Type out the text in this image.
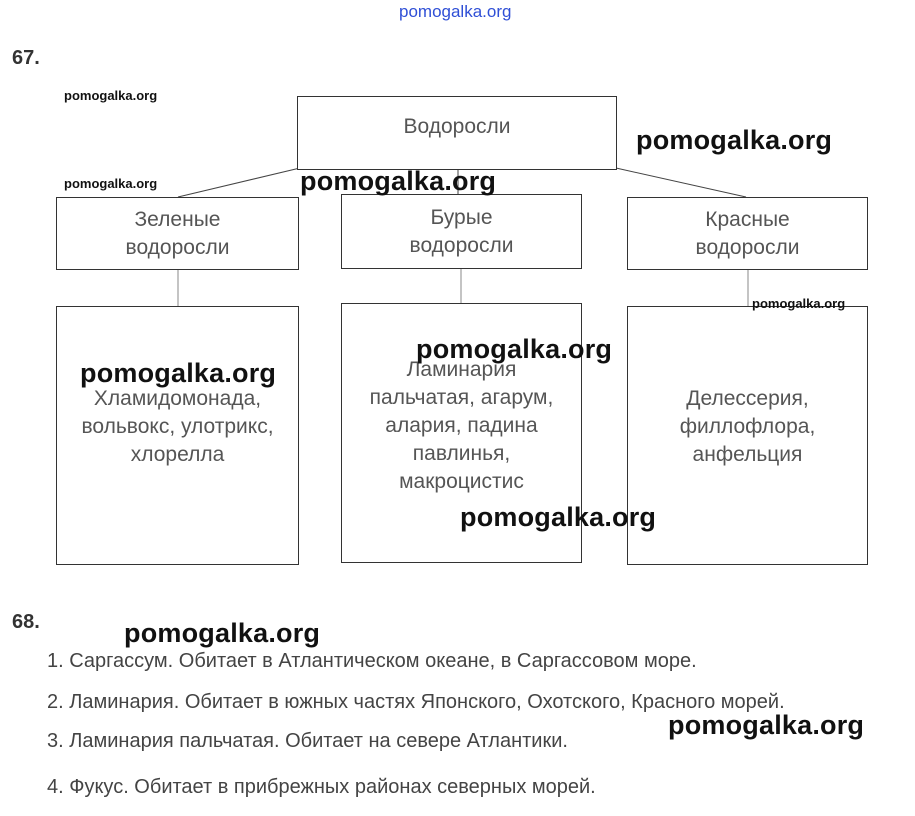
pomogalka.org
67.
Водоросли
Зеленые
водоросли
Бурые
водоросли
Красные
водоросли
Хламидомонада,
вольвокс, улотрикс,
хлорелла
Ламинария
пальчатая, агарум,
алария, падина
павлинья,
макроцистис
Делессерия,
филлофлора,
анфельция
68.
1. Саргассум. Обитает в Атлантическом океане, в Саргассовом море.
2. Ламинария. Обитает в южных частях Японского, Охотского, Красного морей.
3. Ламинария пальчатая. Обитает на севере Атлантики.
4. Фукус. Обитает в прибрежных районах северных морей.
pomogalka.org
pomogalka.org
pomogalka.org
pomogalka.org
pomogalka.org
pomogalka.org
pomogalka.org
pomogalka.org
pomogalka.org
pomogalka.org
